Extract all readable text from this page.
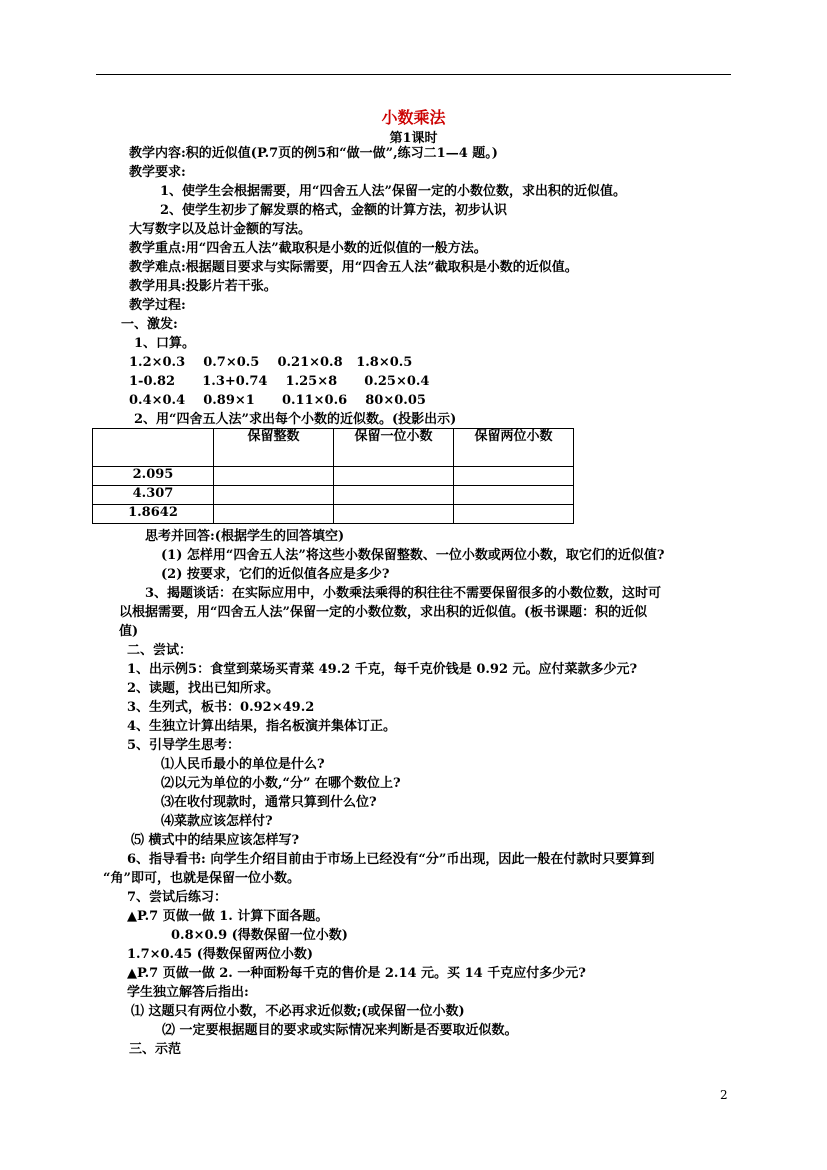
小数乘法
第1课时
教学内容:积的近似值(P.7页的例5和“做一做”,练习二1—4 题。)
教学要求:
1、使学生会根据需要，用“四舍五人法”保留一定的小数位数，求出积的近似值。
2、使学生初步了解发票的格式，金额的计算方法，初步认识
大写数字以及总计金额的写法。
教学重点:用“四舍五人法”截取积是小数的近似值的一般方法。
教学难点:根据题目要求与实际需要，用“四舍五人法”截取积是小数的近似值。
教学用具:投影片若干张。
教学过程:
一、激发:
1、口算。
1.2×0.3    0.7×0.5    0.21×0.8   1.8×0.5
1-0.82      1.3+0.74    1.25×8      0.25×0.4
0.4×0.4    0.89×1      0.11×0.6    80×0.05
2、用“四舍五人法”求出每个小数的近似数。(投影出示)
	保留整数	保留一位小数	保留两位小数
2.095			
4.307			
1.8642			
思考并回答:(根据学生的回答填空)
(1) 怎样用“四舍五人法”将这些小数保留整数、一位小数或两位小数，取它们的近似值?
(2) 按要求，它们的近似值各应是多少?
3、揭题谈话：在实际应用中，小数乘法乘得的积往往不需要保留很多的小数位数，这时可
以根据需要，用“四舍五人法”保留一定的小数位数，求出积的近似值。(板书课题：积的近似
值)
二、尝试：
1、出示例5：食堂到菜场买青菜 49.2 千克，每千克价钱是 0.92 元。应付菜款多少元?
2、读题，找出已知所求。
3、生列式，板书：0.92×49.2
4、生独立计算出结果，指名板演并集体订正。
5、引导学生思考：
⑴人民币最小的单位是什么?
⑵以元为单位的小数,“分” 在哪个数位上?
⑶在收付现款时，通常只算到什么位?
⑷菜款应该怎样付?
⑸ 横式中的结果应该怎样写?
6、指导看书: 向学生介绍目前由于市场上已经没有“分”币出现，因此一般在付款时只要算到
“角”即可，也就是保留一位小数。
7、尝试后练习：
▲P.7 页做一做 1. 计算下面各题。
0.8×0.9 (得数保留一位小数)
1.7×0.45 (得数保留两位小数)
▲P.7 页做一做 2. 一种面粉每千克的售价是 2.14 元。买 14 千克应付多少元?
学生独立解答后指出:
⑴ 这题只有两位小数，不必再求近似数;(或保留一位小数)
⑵ 一定要根据题目的要求或实际情况来判断是否要取近似数。
三、示范
2
